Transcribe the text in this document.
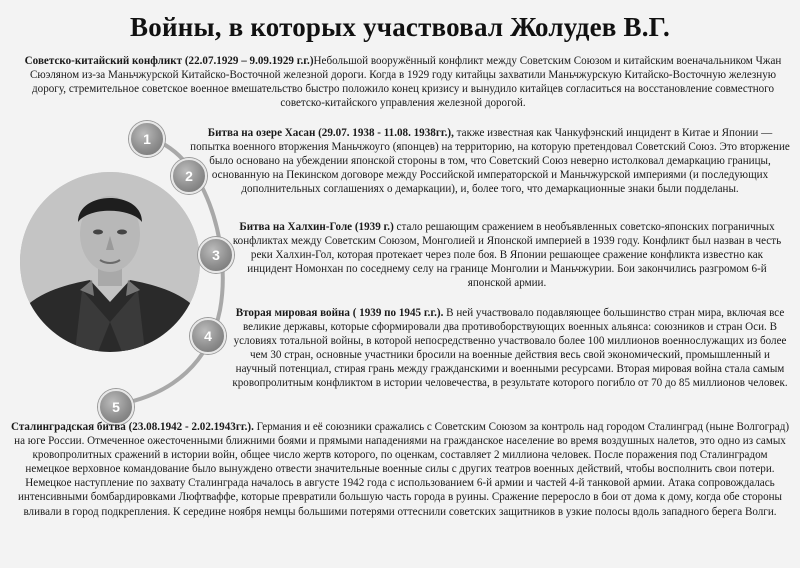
Войны, в которых участвовал Жолудев В.Г.
1
2
3
4
5
Советско-китайский конфликт (22.07.1929 – 9.09.1929 г.г.)Небольшой вооружённый конфликт между Советским Союзом и китайским военачальником Чжан Сюэляном из-за Маньчжурской Китайско-Восточной железной дороги. Когда в 1929 году китайцы захватили Маньчжурскую Китайско-Восточную железную дорогу, стремительное советское военное вмешательство быстро положило конец кризису и вынудило китайцев согласиться на восстановление совместного советско-китайского управления железной дорогой.
Битва на озере Хасан (29.07. 1938 - 11.08. 1938гг.), также известная как Чанкуфэнский инцидент в Китае и Японии — попытка военного вторжения Маньчжоуго (японцев) на территорию, на которую претендовал Советский Союз. Это вторжение было основано на убеждении японской стороны в том, что Советский Союз неверно истолковал демаркацию границы, основанную на Пекинском договоре между Российской императорской и Маньчжурской империями (и последующих дополнительных соглашениях о демаркации), и, более того, что демаркационные знаки были подделаны.
Битва на Халхин-Голе (1939 г.) стало решающим сражением в необъявленных советско-японских пограничных конфликтах между Советским Союзом, Монголией и Японской империей в 1939 году. Конфликт был назван в честь реки Халхин-Гол, которая протекает через поле боя. В Японии решающее сражение конфликта известно как инцидент Номонхан по соседнему селу на границе Монголии и Маньчжурии. Бои закончились разгромом 6-й японской армии.
Вторая мировая война ( 1939 по 1945 г.г.). В ней участвовало подавляющее большинство стран мира, включая все великие державы, которые сформировали два противоборствующих военных альянса: союзников и стран Оси. В условиях тотальной войны, в которой непосредственно участвовало более 100 миллионов военнослужащих из более чем 30 стран, основные участники бросили на военные действия весь свой экономический, промышленный и научный потенциал, стирая грань между гражданскими и военными ресурсами. Вторая мировая война стала самым кровопролитным конфликтом в истории человечества, в результате которого погибло от 70 до 85 миллионов человек.
Сталинградская битва (23.08.1942 - 2.02.1943гг.). Германия и её союзники сражались с Советским Союзом за контроль над городом Сталинград (ныне Волгоград) на юге России. Отмеченное ожесточенными ближними боями и прямыми нападениями на гражданское население во время воздушных налетов, это одно из самых кровопролитных сражений в истории войн, общее число жертв которого, по оценкам, составляет 2 миллиона человек. После поражения под Сталинградом немецкое верховное командование было вынуждено отвести значительные военные силы с других театров военных действий, чтобы восполнить свои потери. Немецкое наступление по захвату Сталинграда началось в августе 1942 года с использованием 6-й армии и частей 4-й танковой армии. Атака сопровождалась интенсивными бомбардировками Люфтваффе, которые превратили большую часть города в руины. Сражение переросло в бои от дома к дому, когда обе стороны вливали в город подкрепления. К середине ноября немцы большими потерями оттеснили советских защитников в узкие полосы вдоль западного берега Волги.
